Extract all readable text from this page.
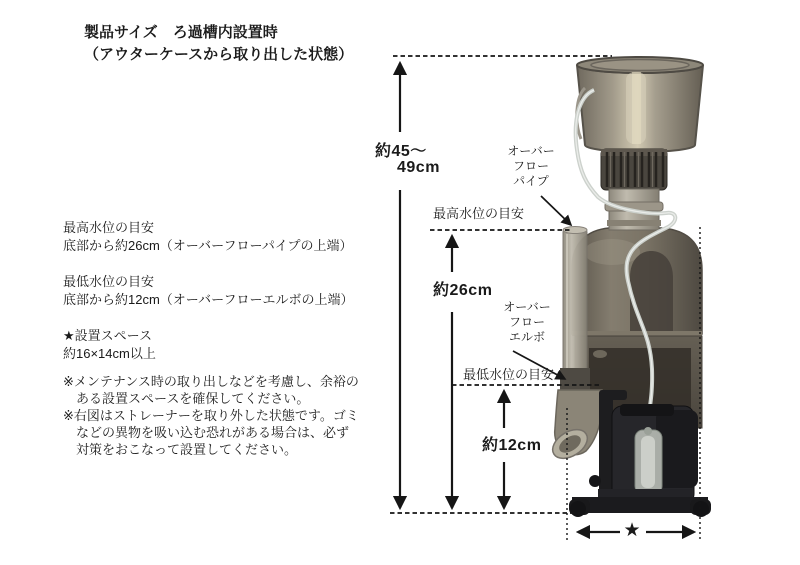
製品サイズ　ろ過槽内設置時
（アウターケースから取り出した状態）
最高水位の目安
底部から約26cm（オーバーフローパイプの上端）
最低水位の目安
底部から約12cm（オーバーフローエルボの上端）
★設置スペース
約16×14cm以上
※メンテナンス時の取り出しなどを考慮し、余裕の
ある設置スペースを確保してください。
※右図はストレーナーを取り外した状態です。ゴミ
などの異物を吸い込む恐れがある場合は、必ず
対策をおこなって設置してください。
約45〜
49cm
約26cm
約12cm
最高水位の目安
最低水位の目安
オーバー
フロー
パイプ
オーバー
フロー
エルボ
★
